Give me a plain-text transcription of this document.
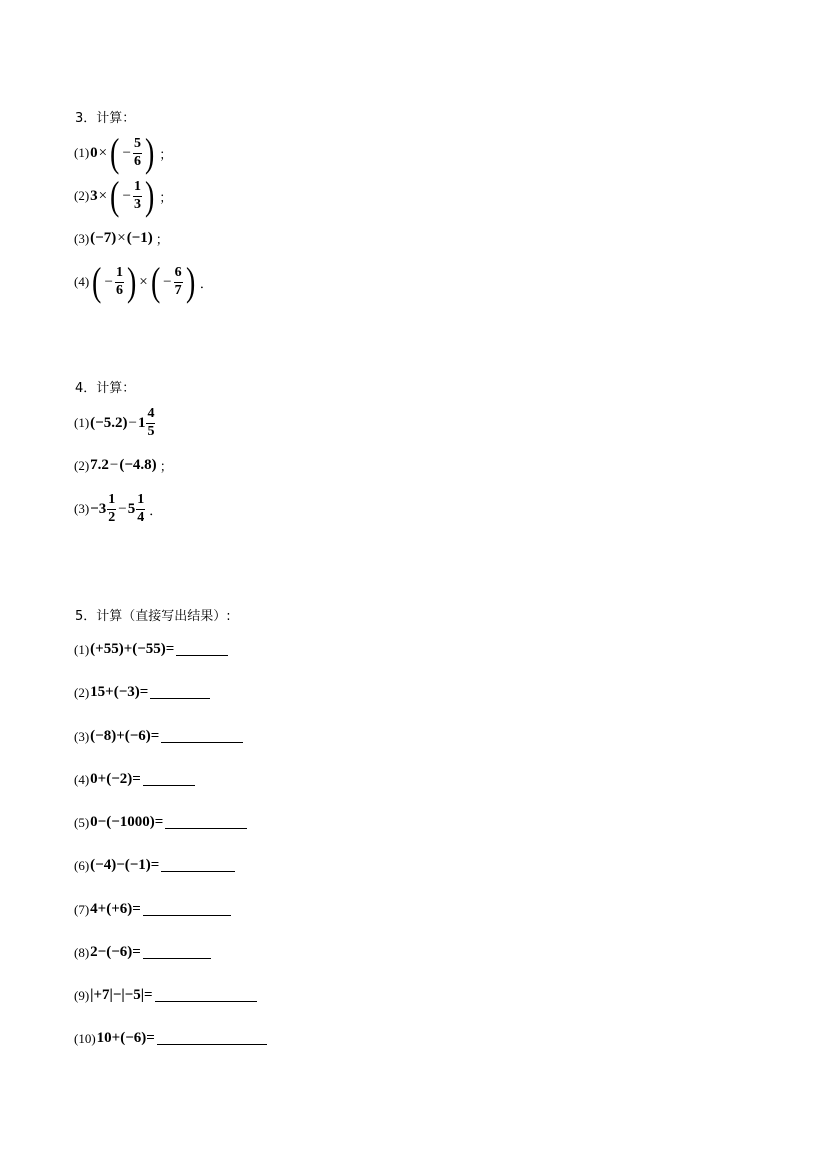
3．计算：
(1) 0 × ( − $\frac{5}{6}$ ) ；
(2) 3 × ( − $\frac{1}{3}$ ) ；
(3) (−7) × (−1) ；
(4) ( − $\frac{1}{6}$ ) × ( − $\frac{6}{7}$ ) ．
4．计算：
(1) $(-5.2) - 1 \frac{4}{5}$
(2) 7.2 − (−4.8) ；
$(3) -3 \frac{1}{2} - 5 \frac{1}{4}$ ．
5．计算（直接写出结果）:
(1) (+55)+(−55)=
(2) 15+(−3)=
(3) (−8)+(−6)=
(4) 0+(−2)=
(5) 0−(−1000)=
(6) (−4)−(−1)=
(7) 4+(+6)=
(8) 2−(−6)=
(9) |+7|−|−5|=
(10) 10+(−6)=
